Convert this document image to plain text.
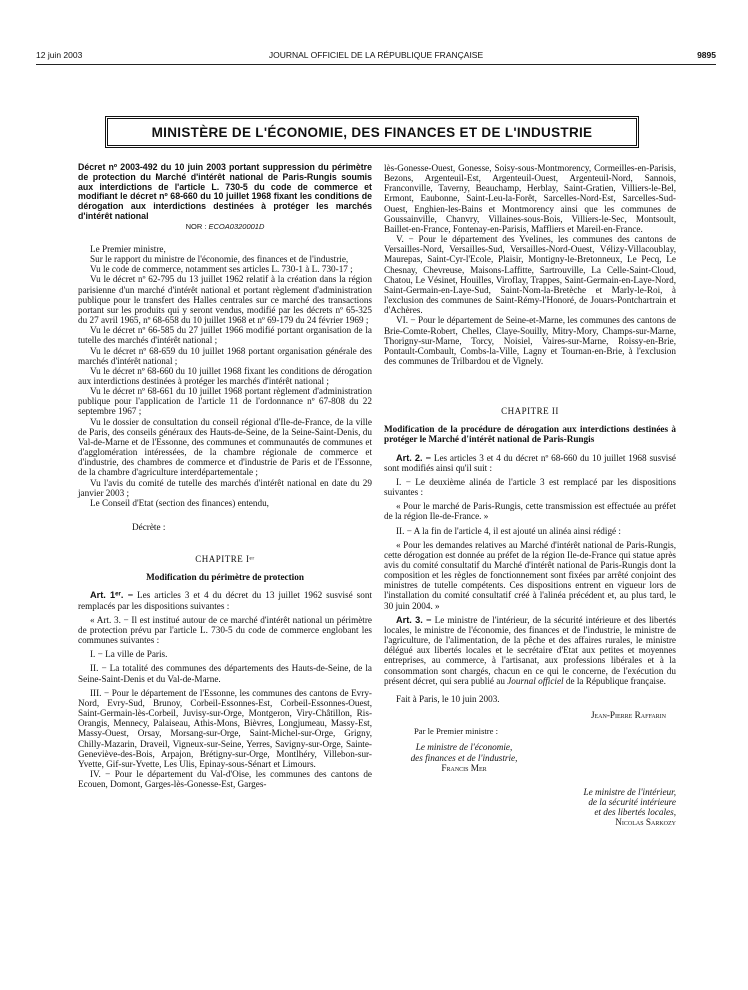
12 juin 2003	JOURNAL OFFICIEL DE LA RÉPUBLIQUE FRANÇAISE	9895
MINISTÈRE DE L'ÉCONOMIE, DES FINANCES ET DE L'INDUSTRIE

Décret nº 2003-492 du 10 juin 2003 portant suppression du périmètre de protection du Marché d'intérêt national de Paris-Rungis soumis aux interdictions de l'article L. 730-5 du code de commerce et modifiant le décret nº 68-660 du 10 juillet 1968 fixant les conditions de dérogation aux interdictions destinées à protéger les marchés d'intérêt national

NOR : ECOA0320001D

Le Premier ministre,

Sur le rapport du ministre de l'économie, des finances et de l'industrie,

Vu le code de commerce, notamment ses articles L. 730-1 à L. 730-17 ;

Vu le décret nº 62-795 du 13 juillet 1962 relatif à la création dans la région parisienne d'un marché d'intérêt national et portant règlement d'administration publique pour le transfert des Halles centrales sur ce marché des transactions portant sur les produits qui y seront vendus, modifié par les décrets nº 65-325 du 27 avril 1965, nº 68-658 du 10 juillet 1968 et nº 69-179 du 24 février 1969 ;

Vu le décret nº 66-585 du 27 juillet 1966 modifié portant organisation de la tutelle des marchés d'intérêt national ;

Vu le décret nº 68-659 du 10 juillet 1968 portant organisation générale des marchés d'intérêt national ;

Vu le décret nº 68-660 du 10 juillet 1968 fixant les conditions de dérogation aux interdictions destinées à protéger les marchés d'intérêt national ;

Vu le décret nº 68-661 du 10 juillet 1968 portant règlement d'administration publique pour l'application de l'article 11 de l'ordonnance nº 67-808 du 22 septembre 1967 ;

Vu le dossier de consultation du conseil régional d'Ile-de-France, de la ville de Paris, des conseils généraux des Hauts-de-Seine, de la Seine-Saint-Denis, du Val-de-Marne et de l'Essonne, des communes et communautés de communes et d'agglomération intéressées, de la chambre régionale de commerce et d'industrie, des chambres de commerce et d'industrie de Paris et de l'Essonne, de la chambre d'agriculture interdépartementale ;

Vu l'avis du comité de tutelle des marchés d'intérêt national en date du 29 janvier 2003 ;

Le Conseil d'Etat (section des finances) entendu,

Décrète :

CHAPITRE Iᵉʳ

Modification du périmètre de protection

Art. 1ᵉʳ. − Les articles 3 et 4 du décret du 13 juillet 1962 susvisé sont remplacés par les dispositions suivantes :

« Art. 3. − Il est institué autour de ce marché d'intérêt national un périmètre de protection prévu par l'article L. 730-5 du code de commerce englobant les communes suivantes :

I. − La ville de Paris.

II. − La totalité des communes des départements des Hauts-de-Seine, de la Seine-Saint-Denis et du Val-de-Marne.

III. − Pour le département de l'Essonne, les communes des cantons de Evry-Nord, Evry-Sud, Brunoy, Corbeil-Essonnes-Est, Corbeil-Essonnes-Ouest, Saint-Germain-lès-Corbeil, Juvisy-sur-Orge, Montgeron, Viry-Châtillon, Ris-Orangis, Mennecy, Palaiseau, Athis-Mons, Bièvres, Longjumeau, Massy-Est, Massy-Ouest, Orsay, Morsang-sur-Orge, Saint-Michel-sur-Orge, Grigny, Chilly-Mazarin, Draveil, Vigneux-sur-Seine, Yerres, Savigny-sur-Orge, Sainte-Geneviève-des-Bois, Arpajon, Brétigny-sur-Orge, Montlhéry, Villebon-sur-Yvette, Gif-sur-Yvette, Les Ulis, Epinay-sous-Sénart et Limours.

IV. − Pour le département du Val-d'Oise, les communes des cantons de Ecouen, Domont, Garges-lès-Gonesse-Est, Garges-

lès-Gonesse-Ouest, Gonesse, Soisy-sous-Montmorency, Cormeilles-en-Parisis, Bezons, Argenteuil-Est, Argenteuil-Ouest, Argenteuil-Nord, Sannois, Franconville, Taverny, Beauchamp, Herblay, Saint-Gratien, Villiers-le-Bel, Ermont, Eaubonne, Saint-Leu-la-Forêt, Sarcelles-Nord-Est, Sarcelles-Sud-Ouest, Enghien-les-Bains et Montmorency ainsi que les communes de Goussainville, Chanvry, Villaines-sous-Bois, Villiers-le-Sec, Montsoult, Baillet-en-France, Fontenay-en-Parisis, Maffliers et Mareil-en-France.

V. − Pour le département des Yvelines, les communes des cantons de Versailles-Nord, Versailles-Sud, Versailles-Nord-Ouest, Vélizy-Villacoublay, Maurepas, Saint-Cyr-l'Ecole, Plaisir, Montigny-le-Bretonneux, Le Pecq, Le Chesnay, Chevreuse, Maisons-Laffitte, Sartrouville, La Celle-Saint-Cloud, Chatou, Le Vésinet, Houilles, Viroflay, Trappes, Saint-Germain-en-Laye-Nord, Saint-Germain-en-Laye-Sud, Saint-Nom-la-Bretèche et Marly-le-Roi, à l'exclusion des communes de Saint-Rémy-l'Honoré, de Jouars-Pontchartrain et d'Achères.

VI. − Pour le département de Seine-et-Marne, les communes des cantons de Brie-Comte-Robert, Chelles, Claye-Souilly, Mitry-Mory, Champs-sur-Marne, Thorigny-sur-Marne, Torcy, Noisiel, Vaires-sur-Marne, Roissy-en-Brie, Pontault-Combault, Combs-la-Ville, Lagny et Tournan-en-Brie, à l'exclusion des communes de Trilbardou et de Vignely.

CHAPITRE II

Modification de la procédure de dérogation aux interdictions destinées à protéger le Marché d'intérêt national de Paris-Rungis

Art. 2. − Les articles 3 et 4 du décret nº 68-660 du 10 juillet 1968 susvisé sont modifiés ainsi qu'il suit :

I. − Le deuxième alinéa de l'article 3 est remplacé par les dispositions suivantes :

« Pour le marché de Paris-Rungis, cette transmission est effectuée au préfet de la région Ile-de-France. »

II. − A la fin de l'article 4, il est ajouté un alinéa ainsi rédigé :

« Pour les demandes relatives au Marché d'intérêt national de Paris-Rungis, cette dérogation est donnée au préfet de la région Ile-de-France qui statue après avis du comité consultatif du Marché d'intérêt national de Paris-Rungis dont la composition et les règles de fonctionnement sont fixées par arrêté conjoint des ministres de tutelle compétents. Ces dispositions entrent en vigueur lors de l'installation du comité consultatif créé à l'alinéa précédent et, au plus tard, le 30 juin 2004. »

Art. 3. − Le ministre de l'intérieur, de la sécurité intérieure et des libertés locales, le ministre de l'économie, des finances et de l'industrie, le ministre de l'agriculture, de l'alimentation, de la pêche et des affaires rurales, le ministre délégué aux libertés locales et le secrétaire d'Etat aux petites et moyennes entreprises, au commerce, à l'artisanat, aux professions libérales et à la consommation sont chargés, chacun en ce qui le concerne, de l'exécution du présent décret, qui sera publié au Journal officiel de la République française.

Fait à Paris, le 10 juin 2003.

Jean-Pierre Raffarin

Par le Premier ministre :

Le ministre de l'économie,
des finances et de l'industrie,
Francis Mer
Le ministre de l'intérieur,
de la sécurité intérieure
et des libertés locales,
Nicolas Sarkozy
